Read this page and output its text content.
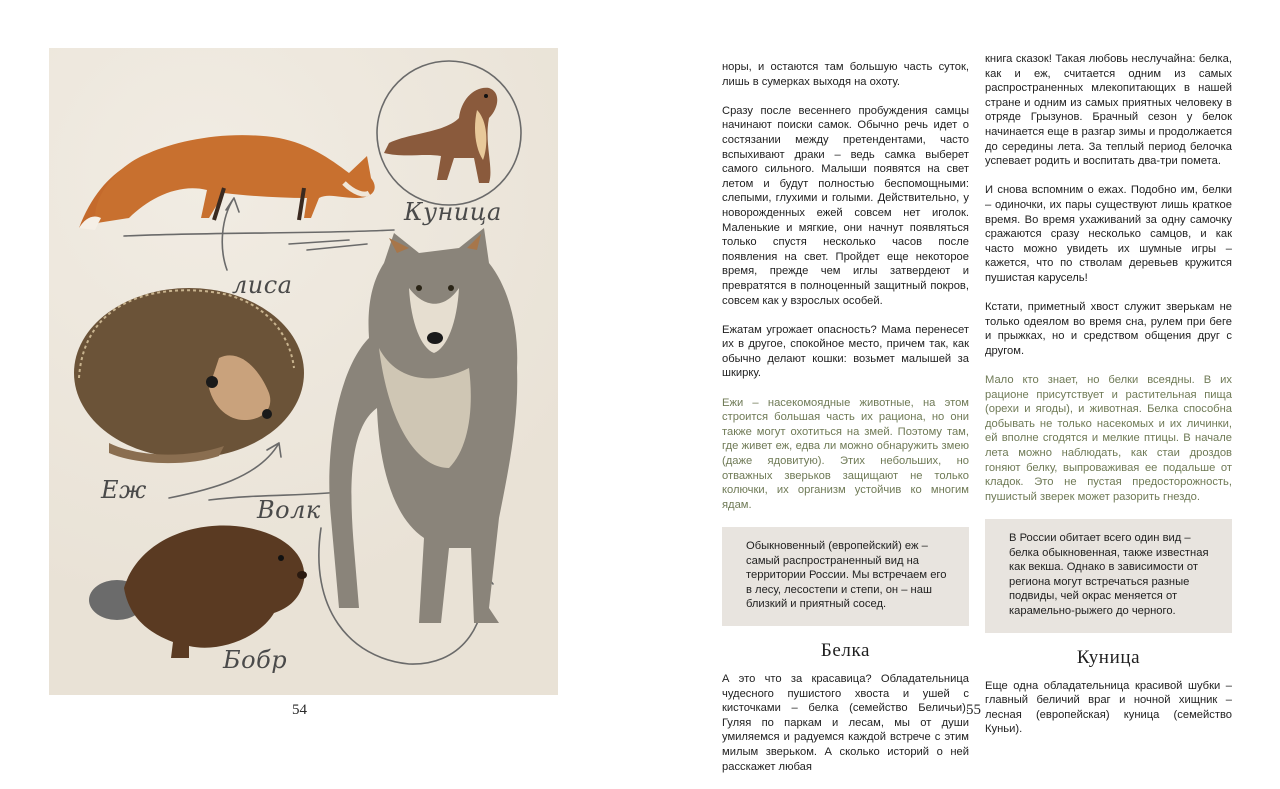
лиса
Куница
Еж
Волк
Бобр
54

норы, и остаются там большую часть суток, лишь в сумерках выходя на охоту.

Сразу после весеннего пробуждения самцы начинают поиски самок. Обычно речь идет о состязании между претендентами, часто вспыхивают драки – ведь самка выберет самого сильного. Малыши появятся на свет летом и будут полностью беспомощными: слепыми, глухими и голыми. Действительно, у новорожденных ежей совсем нет иголок. Маленькие и мягкие, они начнут появляться только спустя несколько часов после появления на свет. Пройдет еще некоторое время, прежде чем иглы затвердеют и превратятся в полноценный защитный покров, совсем как у взрослых особей.

Ежатам угрожает опасность? Мама перенесет их в другое, спокойное место, причем так, как обычно делают кошки: возьмет малышей за шкирку.

Ежи – насекомоядные животные, на этом строится большая часть их рациона, но они также могут охотиться на змей. Поэтому там, где живет еж, едва ли можно обнаружить змею (даже ядовитую). Этих небольших, но отважных зверьков защищают не только колючки, их организм устойчив ко многим ядам.

Обыкновенный (европейский) еж – самый распространенный вид на территории России. Мы встречаем его в лесу, лесостепи и степи, он – наш близкий и приятный сосед.
Белка

А это что за красавица? Обладательница чудесного пушистого хвоста и ушей с кисточками – белка (семейство Беличьи). Гуляя по паркам и лесам, мы от души умиляемся и радуемся каждой встрече с этим милым зверьком. А сколько историй о ней расскажет любая

книга сказок! Такая любовь неслучайна: белка, как и еж, считается одним из самых распространенных млекопитающих в нашей стране и одним из самых приятных человеку в отряде Грызунов. Брачный сезон у белок начинается еще в разгар зимы и продолжается до середины лета. За теплый период белочка успевает родить и воспитать два-три помета.

И снова вспомним о ежах. Подобно им, белки – одиночки, их пары существуют лишь краткое время. Во время ухаживаний за одну самочку сражаются сразу несколько самцов, и как часто можно увидеть их шумные игры – кажется, что по стволам деревьев кружится пушистая карусель!

Кстати, приметный хвост служит зверькам не только одеялом во время сна, рулем при беге и прыжках, но и средством общения друг с другом.

Мало кто знает, но белки всеядны. В их рационе присутствует и растительная пища (орехи и ягоды), и животная. Белка способна добывать не только насекомых и их личинки, ей вполне сгодятся и мелкие птицы. В начале лета можно наблюдать, как стаи дроздов гоняют белку, выпроваживая ее подальше от кладок. Это не пустая предосторожность, пушистый зверек может разорить гнездо.

В России обитает всего один вид – белка обыкновенная, также известная как векша. Однако в зависимости от региона могут встречаться разные подвиды, чей окрас меняется от карамельно-рыжего до черного.
Куница

Еще одна обладательница красивой шубки – главный беличий враг и ночной хищник – лесная (европейская) куница (семейство Куньи).

55
